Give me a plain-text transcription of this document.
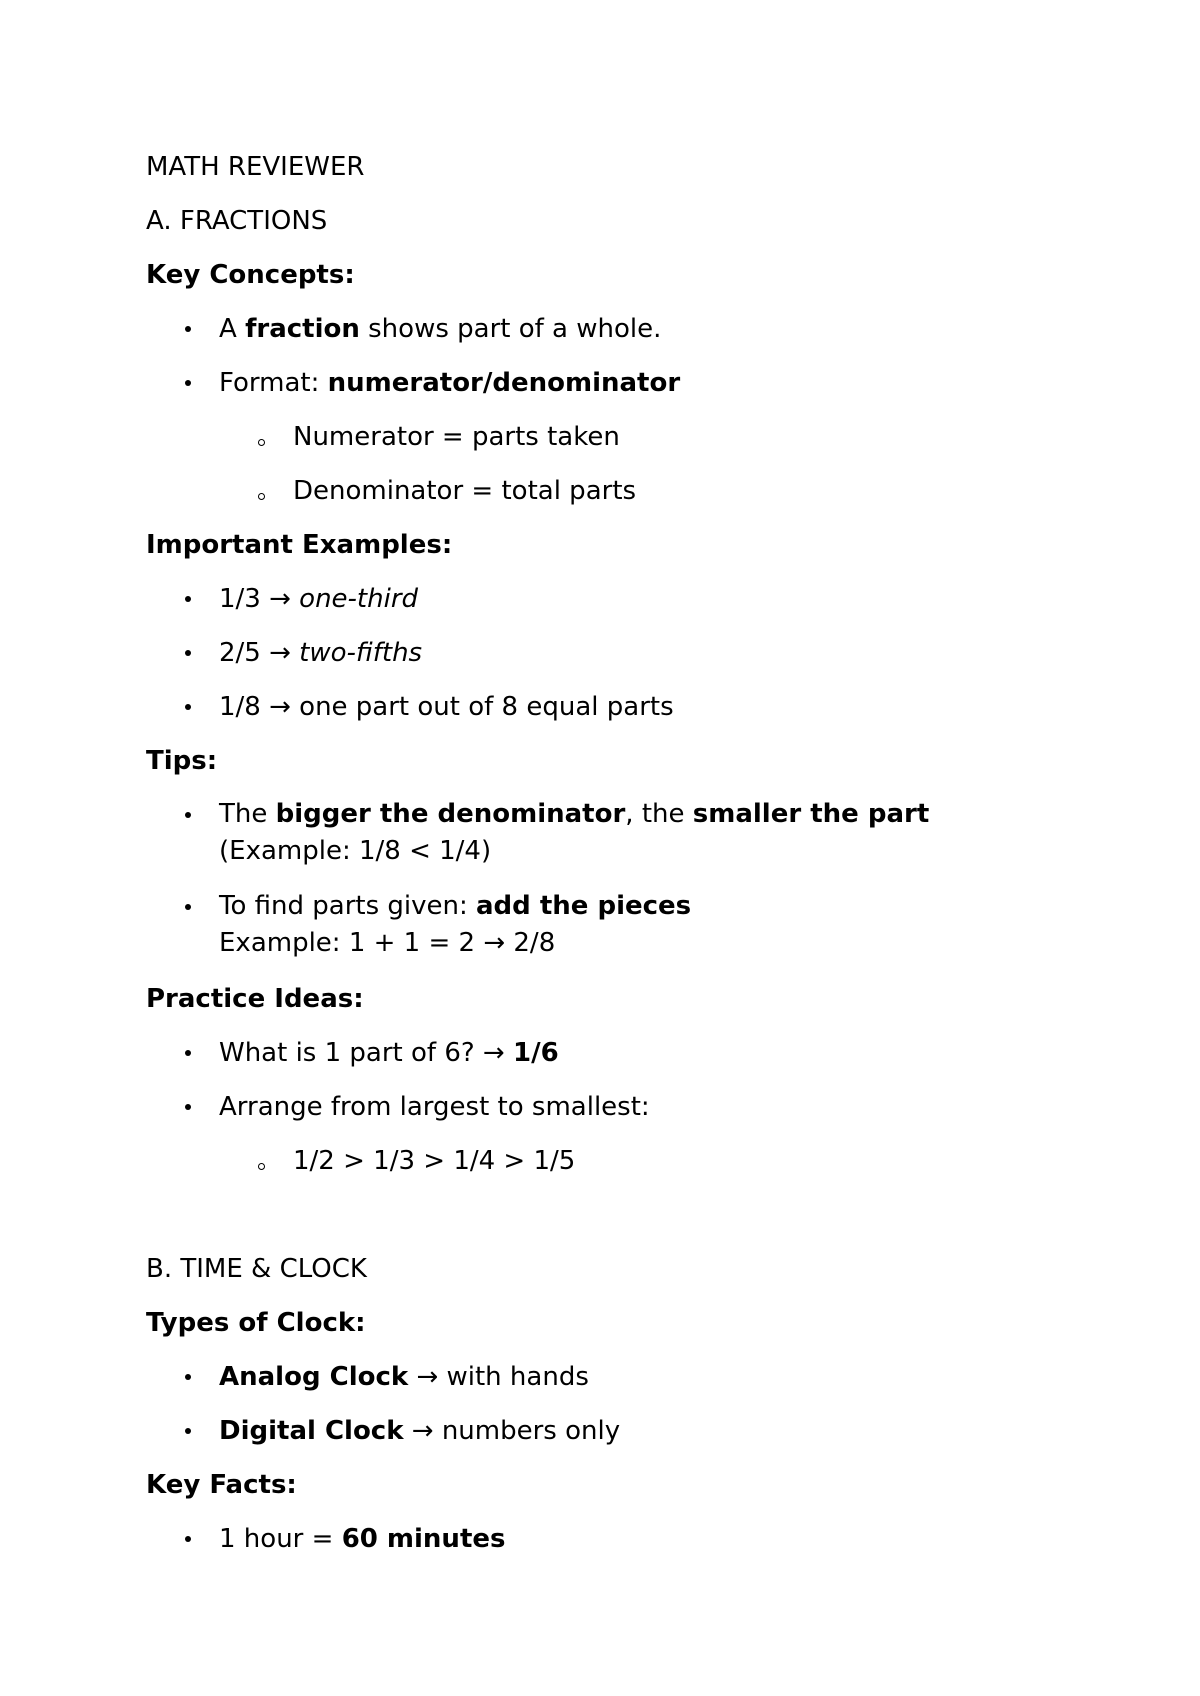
MATH REVIEWER
A. FRACTIONS
Key Concepts:
A fraction shows part of a whole.
Format: numerator/denominator
Numerator = parts taken
Denominator = total parts
Important Examples:
1/3 → one-third
2/5 → two-fifths
1/8 → one part out of 8 equal parts
Tips:
The bigger the denominator, the smaller the part
(Example: 1/8 < 1/4)
To find parts given: add the pieces
Example: 1 + 1 = 2 → 2/8
Practice Ideas:
What is 1 part of 6? → 1/6
Arrange from largest to smallest:
1/2 > 1/3 > 1/4 > 1/5
B. TIME & CLOCK
Types of Clock:
Analog Clock → with hands
Digital Clock → numbers only
Key Facts:
1 hour = 60 minutes
